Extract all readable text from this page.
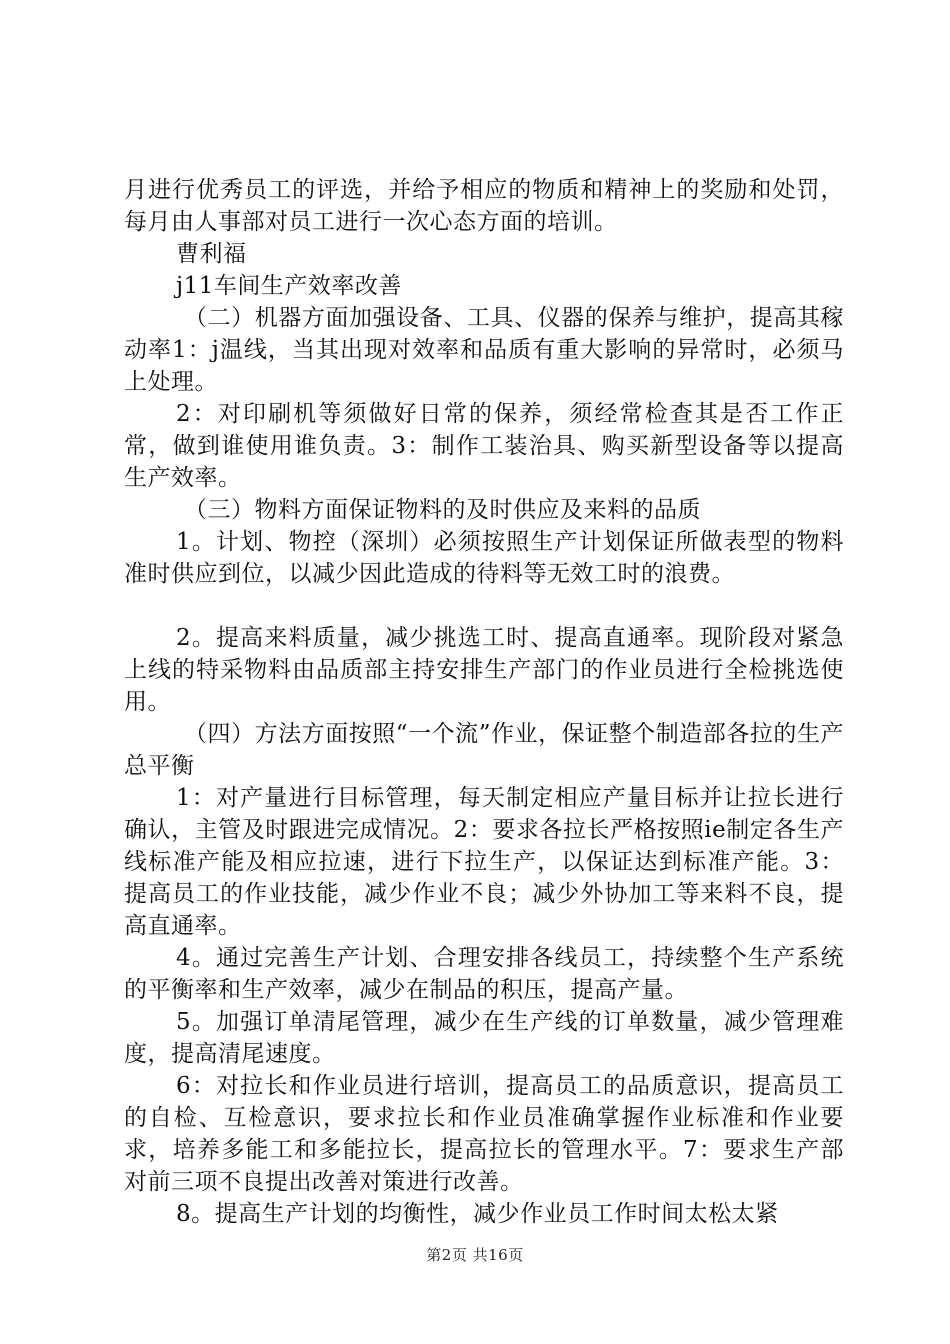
月进行优秀员工的评选，并给予相应的物质和精神上的奖励和处罚，每月由人事部对员工进行一次心态方面的培训。

曹利福

j11车间生产效率改善

（二）机器方面加强设备、工具、仪器的保养与维护，提高其稼动率1：j温线，当其出现对效率和品质有重大影响的异常时，必须马上处理。

2：对印刷机等须做好日常的保养，须经常检查其是否工作正常，做到谁使用谁负责。3：制作工装治具、购买新型设备等以提高生产效率。

（三）物料方面保证物料的及时供应及来料的品质

1。计划、物控（深圳）必须按照生产计划保证所做表型的物料准时供应到位，以减少因此造成的待料等无效工时的浪费。

2。提高来料质量，减少挑选工时、提高直通率。现阶段对紧急上线的特采物料由品质部主持安排生产部门的作业员进行全检挑选使用。

（四）方法方面按照“一个流”作业，保证整个制造部各拉的生产总平衡

1：对产量进行目标管理，每天制定相应产量目标并让拉长进行确认，主管及时跟进完成情况。2：要求各拉长严格按照ie制定各生产线标准产能及相应拉速，进行下拉生产，以保证达到标准产能。3：提高员工的作业技能，减少作业不良；减少外协加工等来料不良，提高直通率。

4。通过完善生产计划、合理安排各线员工，持续整个生产系统的平衡率和生产效率，减少在制品的积压，提高产量。

5。加强订单清尾管理，减少在生产线的订单数量，减少管理难度，提高清尾速度。

6：对拉长和作业员进行培训，提高员工的品质意识，提高员工的自检、互检意识，要求拉长和作业员准确掌握作业标准和作业要求，培养多能工和多能拉长，提高拉长的管理水平。7：要求生产部对前三项不良提出改善对策进行改善。

8。提高生产计划的均衡性，减少作业员工作时间太松太紧

第2页 共16页
